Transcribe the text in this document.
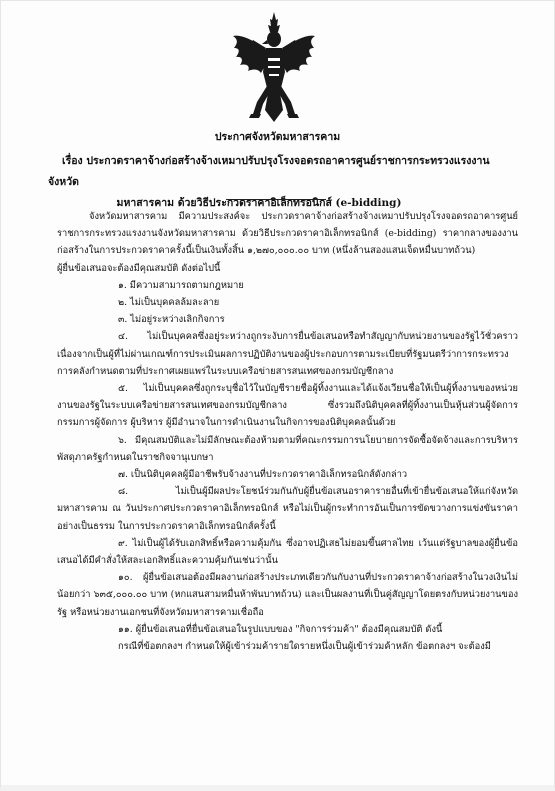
ประกาศจังหวัดมหาสารคาม
เรื่อง ประกวดราคาจ้างก่อสร้างจ้างเหมาปรับปรุงโรงจอดรถอาคารศูนย์ราชการกระทรวงแรงงานจังหวัด
มหาสารคาม ด้วยวิธีประกวดราคาอิเล็กทรอนิกส์ (e-bidding)

จังหวัดมหาสารคาม มีความประสงค์จะ ประกวดราคาจ้างก่อสร้างจ้างเหมาปรับปรุงโรงจอดรถอาคารศูนย์ราชการกระทรวงแรงงานจังหวัดมหาสารคาม ด้วยวิธีประกวดราคาอิเล็กทรอนิกส์ (e-bidding) ราคากลางของงานก่อสร้างในการประกวดราคาครั้งนี้เป็นเงินทั้งสิ้น ๑,๒๗๐,๐๐๐.๐๐ บาท (หนึ่งล้านสองแสนเจ็ดหมื่นบาทถ้วน)

ผู้ยื่นข้อเสนอจะต้องมีคุณสมบัติ ดังต่อไปนี้

๑. มีความสามารถตามกฎหมาย

๒. ไม่เป็นบุคคลล้มละลาย

๓. ไม่อยู่ระหว่างเลิกกิจการ

๔. ไม่เป็นบุคคลซึ่งอยู่ระหว่างถูกระงับการยื่นข้อเสนอหรือทำสัญญากับหน่วยงานของรัฐไว้ชั่วคราว เนื่องจากเป็นผู้ที่ไม่ผ่านเกณฑ์การประเมินผลการปฏิบัติงานของผู้ประกอบการตามระเบียบที่รัฐมนตรีว่าการกระทรวงการคลังกำหนดตามที่ประกาศเผยแพร่ในระบบเครือข่ายสารสนเทศของกรมบัญชีกลาง

๕. ไม่เป็นบุคคลซึ่งถูกระบุชื่อไว้ในบัญชีรายชื่อผู้ทิ้งงานและได้แจ้งเวียนชื่อให้เป็นผู้ทิ้งงานของหน่วยงานของรัฐในระบบเครือข่ายสารสนเทศของกรมบัญชีกลาง ซึ่งรวมถึงนิติบุคคลที่ผู้ทิ้งงานเป็นหุ้นส่วนผู้จัดการ กรรมการผู้จัดการ ผู้บริหาร ผู้มีอำนาจในการดำเนินงานในกิจการของนิติบุคคลนั้นด้วย

๖. มีคุณสมบัติและไม่มีลักษณะต้องห้ามตามที่คณะกรรมการนโยบายการจัดซื้อจัดจ้างและการบริหารพัสดุภาครัฐกำหนดในราชกิจจานุเบกษา

๗. เป็นนิติบุคคลผู้มีอาชีพรับจ้างงานที่ประกวดราคาอิเล็กทรอนิกส์ดังกล่าว

๘. ไม่เป็นผู้มีผลประโยชน์ร่วมกันกับผู้ยื่นข้อเสนอราคารายอื่นที่เข้ายื่นข้อเสนอให้แก่จังหวัดมหาสารคาม ณ วันประกาศประกวดราคาอิเล็กทรอนิกส์ หรือไม่เป็นผู้กระทำการอันเป็นการขัดขวางการแข่งขันราคาอย่างเป็นธรรม ในการประกวดราคาอิเล็กทรอนิกส์ครั้งนี้

๙. ไม่เป็นผู้ได้รับเอกสิทธิ์หรือความคุ้มกัน ซึ่งอาจปฏิเสธไม่ยอมขึ้นศาลไทย เว้นแต่รัฐบาลของผู้ยื่นข้อเสนอได้มีคำสั่งให้สละเอกสิทธิ์และความคุ้มกันเช่นว่านั้น

๑๐. ผู้ยื่นข้อเสนอต้องมีผลงานก่อสร้างประเภทเดียวกันกับงานที่ประกวดราคาจ้างก่อสร้างในวงเงินไม่น้อยกว่า ๖๓๕,๐๐๐.๐๐ บาท (หกแสนสามหมื่นห้าพันบาทถ้วน) และเป็นผลงานที่เป็นคู่สัญญาโดยตรงกับหน่วยงานของรัฐ หรือหน่วยงานเอกชนที่จังหวัดมหาสารคามเชื่อถือ

๑๑. ผู้ยื่นข้อเสนอที่ยื่นข้อเสนอในรูปแบบของ "กิจการร่วมค้า" ต้องมีคุณสมบัติ ดังนี้

กรณีที่ข้อตกลงฯ กำหนดให้ผู้เข้าร่วมค้ารายใดรายหนึ่งเป็นผู้เข้าร่วมค้าหลัก ข้อตกลงฯ จะต้องมี
